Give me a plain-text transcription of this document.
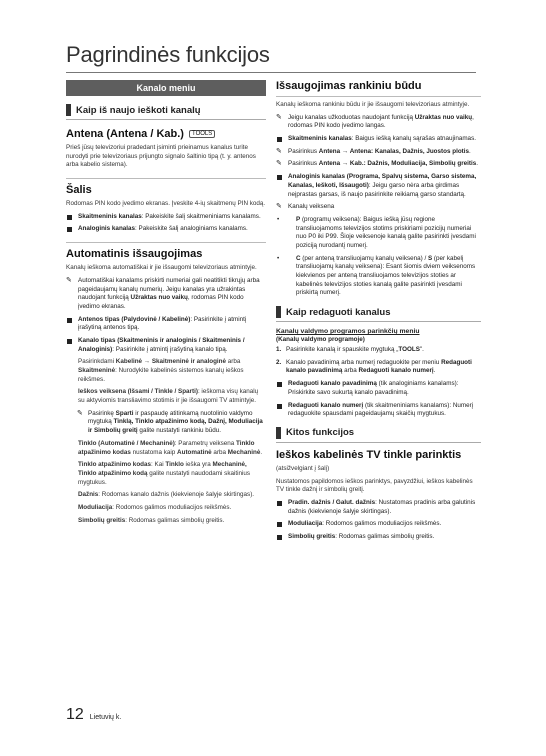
Pagrindinės funkcijos
Kanalo meniu
Kaip iš naujo ieškoti kanalų
Antena (Antena / Kab.) TOOLS

Prieš jūsų televizoriui pradedant įsiminti prieinamus kanalus turite nurodyti prie televizoriaus prijungto signalo šaltinio tipą (t. y. antenos arba kabelio sistema).

Šalis

Rodomas PIN kodo įvedimo ekranas. Įveskite 4-ių skaitmenų PIN kodą.

Skaitmeninis kanalas: Pakeiskite šalį skaitmeniniams kanalams.
Analoginis kanalas: Pakeiskite šalį analoginiams kanalams.
Automatinis išsaugojimas

Kanalų ieškoma automatiškai ir jie išsaugomi televizoriaus atmintyje.

✎ Automatiškai kanalams priskirti numeriai gali neatitikti tikrųjų arba pageidaujamų kanalų numerių. Jeigu kanalas yra užrakintas naudojant funkciją Užraktas nuo vaikų, rodomas PIN kodo įvedimo ekranas.
Antenos tipas (Palydovinė / Kabelinė): Pasirinkite į atmintį įrašytiną antenos tipą.
Kanalo tipas (Skaitmeninis ir analoginis / Skaitmeninis / Analoginis): Pasirinkite į atmintį įrašytiną kanalo tipą.

Pasirinkdami Kabelinė → Skaitmeninė ir analoginė arba Skaitmeninė: Nurodykite kabelinės sistemos kanalų ieškos reikšmes.

Ieškos veiksena (Išsami / Tinkle / Sparti): ieškoma visų kanalų su aktyviomis transliavimo stotimis ir jie išsaugomi TV atmintyje.

✎ Pasirinkę Sparti ir paspaudę atitinkamą nuotolinio valdymo mygtuką Tinklą, Tinklo atpažinimo kodą, Dažnį, Moduliacija ir Simbolių greitį galite nustatyti rankiniu būdu.

Tinklo (Automatinė / Mechaninė): Parametrų veiksena Tinklo atpažinimo kodas nustatoma kaip Automatinė arba Mechaninė.

Tinklo atpažinimo kodas: Kai Tinklo ieška yra Mechaninė, Tinklo atpažinimo kodą galite nustatyti naudodami skaitinius mygtukus.

Dažnis: Rodomas kanalo dažnis (kiekvienoje šalyje skirtingas).

Moduliacija: Rodomos galimos moduliacijos reikšmės.

Simbolių greitis: Rodomas galimas simbolių greitis.

Išsaugojimas rankiniu būdu

Kanalų ieškoma rankiniu būdu ir jie išsaugomi televizoriaus atmintyje.

✎ Jeigu kanalas užkoduotas naudojant funkciją Užraktas nuo vaikų, rodomas PIN kodo įvedimo langas.
Skaitmeninis kanalas: Baigus iešką kanalų sąrašas atnaujinamas.
✎ Pasirinkus Antena → Antena: Kanalas, Dažnis, Juostos plotis.
✎ Pasirinkus Antena → Kab.: Dažnis, Moduliacija, Simbolių greitis.
Analoginis kanalas (Programa, Spalvų sistema, Garso sistema, Kanalas, Ieškoti, Išsaugoti): Jeigu garso nėra arba girdimas neįprastas garsas, iš naujo pasirinkite reikiamą garso standartą.
✎ Kanalų veiksena
• P (programų veiksena): Baigus iešką jūsų regione transliuojamoms televizijos stotims priskiriami pozicijų numeriai nuo P0 iki P99. Šioje veiksenoje kanalą galite pasirinkti įvesdami poziciją nurodantį numerį.
• C (per anteną transliuojamų kanalų veiksena) / S (per kabelį transliuojamų kanalų veiksena): Esant šiomis dviem veiksenoms kiekvienos per anteną transliuojamos televizijos stoties ar kabelinės televizijos stoties kanalą galite pasirinkti įvesdami priskirtą numerį.
Kaip redaguoti kanalus
Kanalų valdymo programos parinkčių meniu
(Kanalų valdymo programoje)
1. Pasirinkite kanalą ir spauskite mygtuką „TOOLS".
2. Kanalo pavadinimą arba numerį redaguokite per meniu Redaguoti kanalo pavadinimą arba Redaguoti kanalo numerį.
Redaguoti kanalo pavadinimą (tik analoginiams kanalams): Priskirkite savo sukurtą kanalo pavadinimą.
Redaguoti kanalo numerį (tik skaitmeniniams kanalams): Numerį redaguokite spausdami pageidaujamų skaičių mygtukus.
Kitos funkcijos
Ieškos kabelinės TV tinkle parinktis

(atsižvelgiant į šalį)

Nustatomos papildomos ieškos parinktys, pavyzdžiui, ieškos kabelinės TV tinkle dažnį ir simbolių greitį.

Pradin. dažnis / Galut. dažnis: Nustatomas pradinis arba galutinis dažnis (kiekvienoje šalyje skirtingas).
Moduliacija: Rodomos galimos moduliacijos reikšmės.
Simbolių greitis: Rodomas galimas simbolių greitis.
12 Lietuvių k.
